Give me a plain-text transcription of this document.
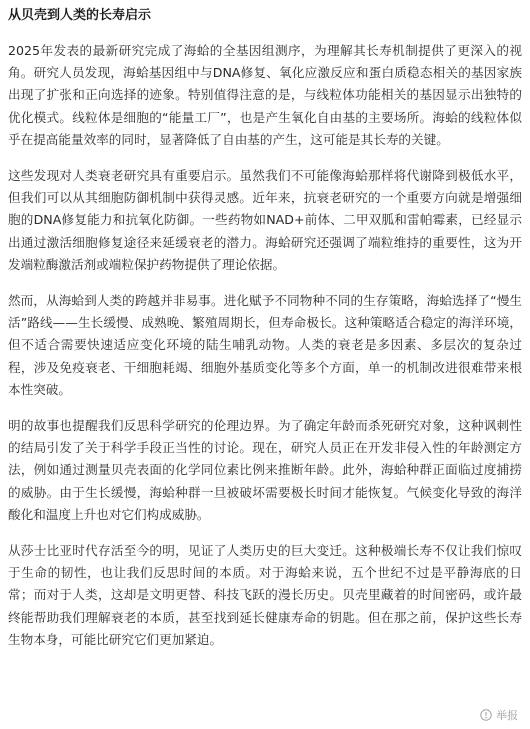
从贝壳到人类的长寿启示

2025年发表的最新研究完成了海蛤的全基因组测序，为理解其长寿机制提供了更深入的视角。研究人员发现，海蛤基因组中与DNA修复、氧化应激反应和蛋白质稳态相关的基因家族出现了扩张和正向选择的迹象。特别值得注意的是，与线粒体功能相关的基因显示出独特的优化模式。线粒体是细胞的“能量工厂”，也是产生氧化自由基的主要场所。海蛤的线粒体似乎在提高能量效率的同时，显著降低了自由基的产生，这可能是其长寿的关键。

这些发现对人类衰老研究具有重要启示。虽然我们不可能像海蛤那样将代谢降到极低水平，但我们可以从其细胞防御机制中获得灵感。近年来，抗衰老研究的一个重要方向就是增强细胞的DNA修复能力和抗氧化防御。一些药物如NAD+前体、二甲双胍和雷帕霉素，已经显示出通过激活细胞修复途径来延缓衰老的潜力。海蛤研究还强调了端粒维持的重要性，这为开发端粒酶激活剂或端粒保护药物提供了理论依据。

然而，从海蛤到人类的跨越并非易事。进化赋予不同物种不同的生存策略，海蛤选择了“慢生活”路线——生长缓慢、成熟晚、繁殖周期长，但寿命极长。这种策略适合稳定的海洋环境，但不适合需要快速适应变化环境的陆生哺乳动物。人类的衰老是多因素、多层次的复杂过程，涉及免疫衰老、干细胞耗竭、细胞外基质变化等多个方面，单一的机制改进很难带来根本性突破。

明的故事也提醒我们反思科学研究的伦理边界。为了确定年龄而杀死研究对象，这种讽刺性的结局引发了关于科学手段正当性的讨论。现在，研究人员正在开发非侵入性的年龄测定方法，例如通过测量贝壳表面的化学同位素比例来推断年龄。此外，海蛤种群正面临过度捕捞的威胁。由于生长缓慢，海蛤种群一旦被破坏需要极长时间才能恢复。气候变化导致的海洋酸化和温度上升也对它们构成威胁。

从莎士比亚时代存活至今的明，见证了人类历史的巨大变迁。这种极端长寿不仅让我们惊叹于生命的韧性，也让我们反思时间的本质。对于海蛤来说，五个世纪不过是平静海底的日常；而对于人类，这却是文明更替、科技飞跃的漫长历史。贝壳里藏着的时间密码，或许最终能帮助我们理解衰老的本质，甚至找到延长健康寿命的钥匙。但在那之前，保护这些长寿生物本身，可能比研究它们更加紧迫。

举报
